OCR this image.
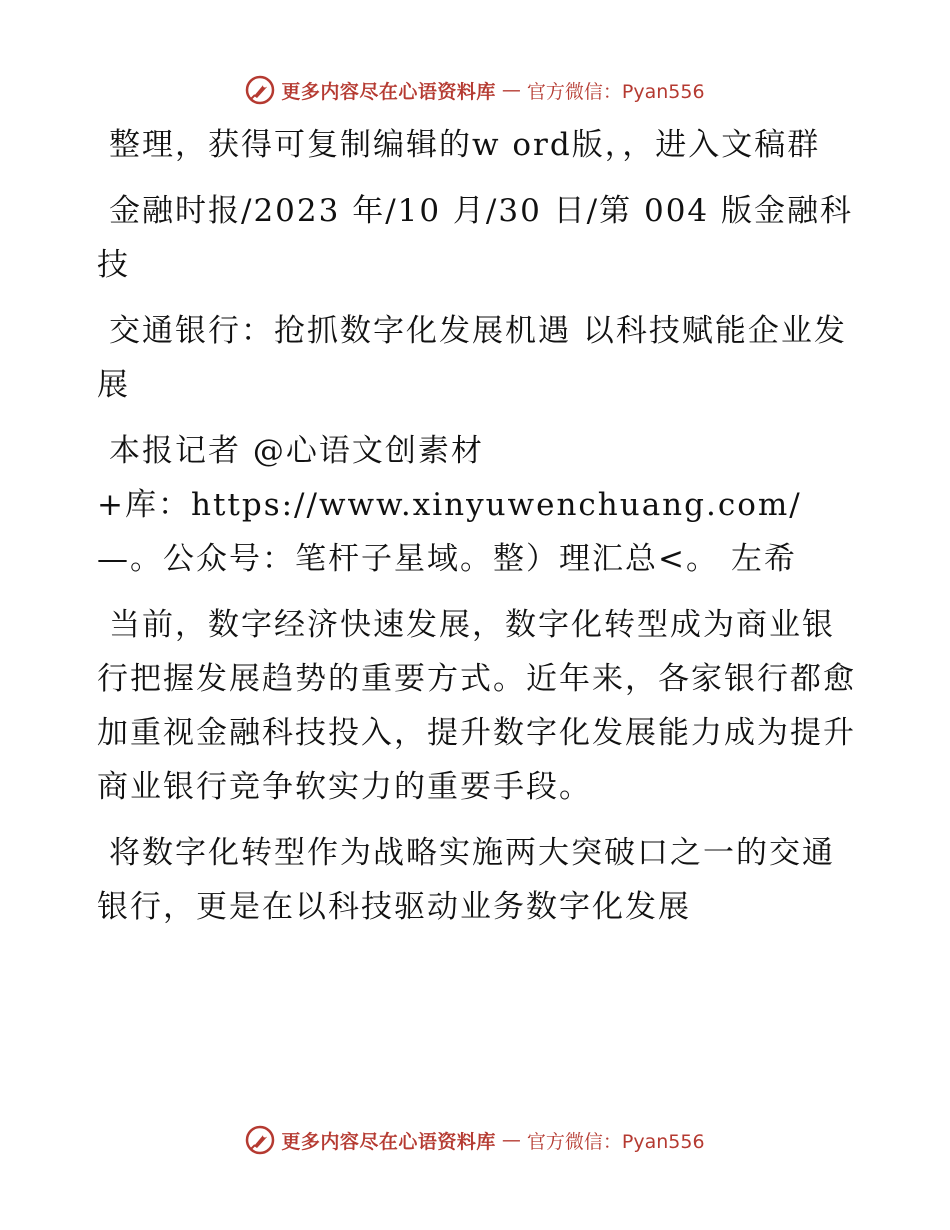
更多内容尽在心语资料库 — 官方微信：Pyan556

整理，获得可复制编辑的w ord版，，进入文稿群

金融时报/2023 年/10 月/30 日/第 004 版金融科技

交通银行：抢抓数字化发展机遇 以科技赋能企业发展

本报记者 @心语文创素材

+库：https://www.xinyuwenchuang.com/—。公众号：笔杆子星域。整）理汇总<。 左希

当前，数字经济快速发展，数字化转型成为商业银行把握发展趋势的重要方式。近年来，各家银行都愈加重视金融科技投入，提升数字化发展能力成为提升商业银行竞争软实力的重要手段。

将数字化转型作为战略实施两大突破口之一的交通银行，更是在以科技驱动业务数字化发展

更多内容尽在心语资料库 — 官方微信：Pyan556
